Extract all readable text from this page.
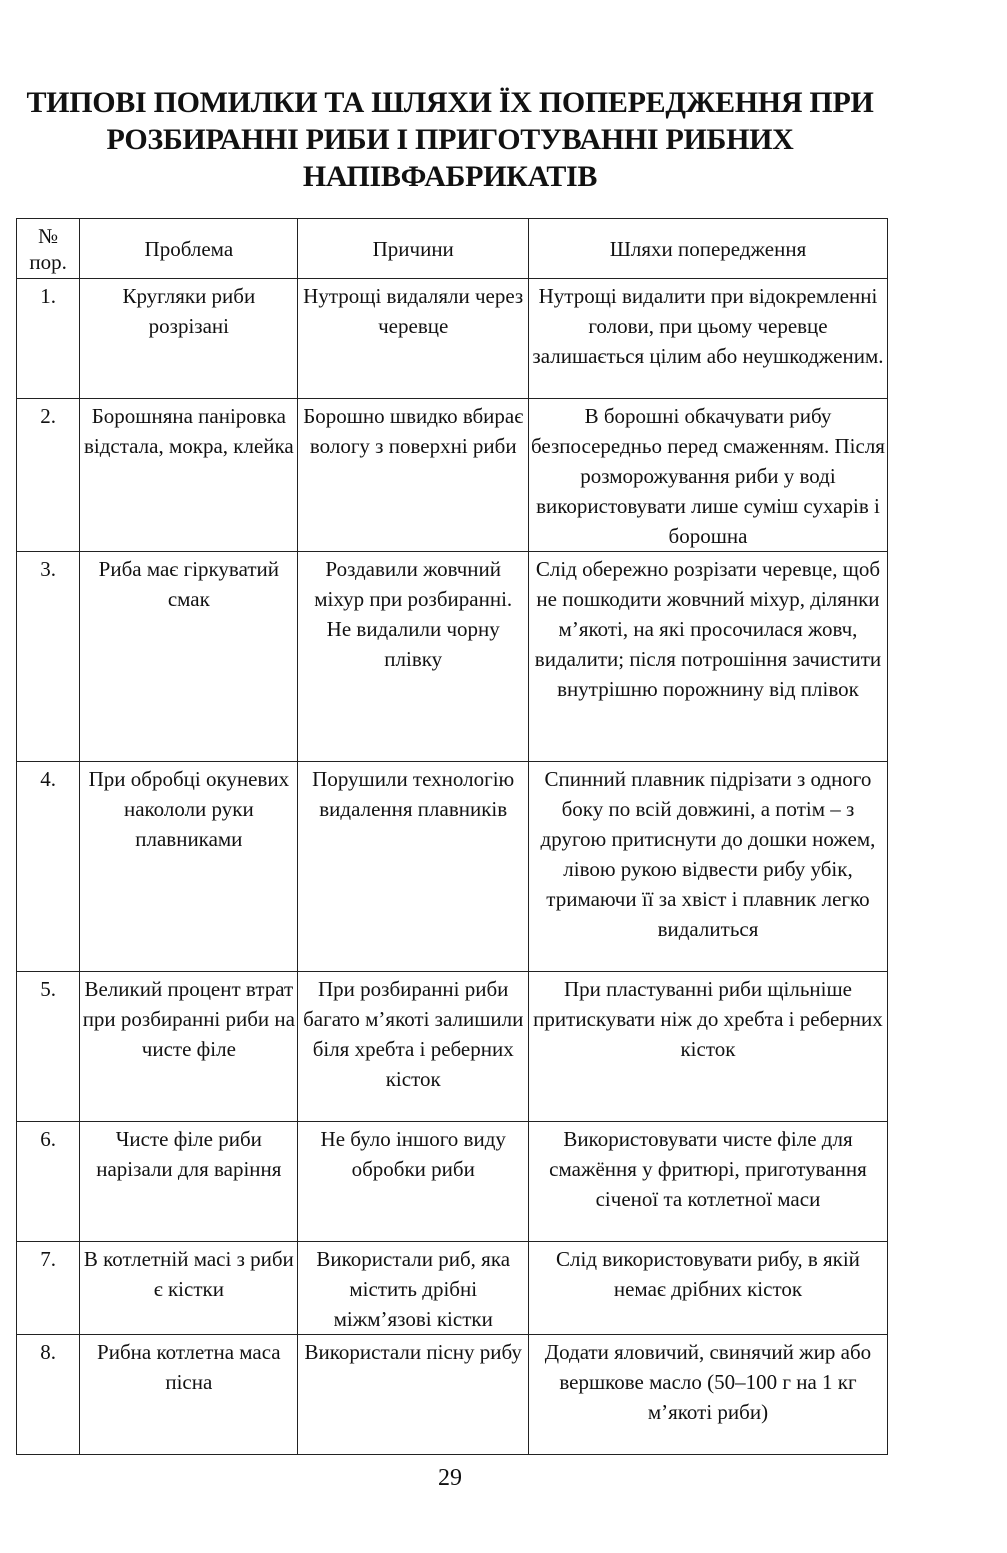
ТИПОВІ ПОМИЛКИ ТА ШЛЯХИ ЇХ ПОПЕРЕДЖЕННЯ ПРИ
РОЗБИРАННІ РИБИ І ПРИГОТУВАННІ РИБНИХ
НАПІВФАБРИКАТІВ
№ пор.	Проблема	Причини	Шляхи попередження
1.	Кругляки риби розрізані	Нутрощі видаляли через черевце	Нутрощі видалити при відокремленні голови, при цьому черевце залишається цілим або неушкодженим.
2.	Борошняна паніровка відстала, мокра, клейка	Борошно швидко вбирає вологу з поверхні риби	В борошні обкачувати рибу безпосередньо перед смаженням. Після розморожування риби у воді використовувати лише суміш сухарів і борошна
3.	Риба має гіркуватий смак	Роздавили жовчний міхур при розбиранні. Не видалили чорну плівку	Слід обережно розрізати черевце, щоб не пошкодити жовчний міхур, ділянки м’якоті, на які просочилася жовч, видалити; після потрошіння зачистити внутрішню порожнину від плівок
4.	При обробці окуневих накололи руки плавниками	Порушили технологію видалення плавників	Спинний плавник підрізати з одного боку по всій довжині, а потім – з другою притиснути до дошки ножем, лівою рукою відвести рибу убік, тримаючи її за хвіст і плавник легко видалиться
5.	Великий процент втрат при розбиранні риби на чисте філе	При розбиранні риби багато м’якоті залишили біля хребта і реберних кісток	При пластуванні риби щільніше притискувати ніж до хребта і реберних кісток
6.	Чисте філе риби нарізали для варіння	Не було іншого виду обробки риби	Використовувати чисте філе для смажёння у фритюрі, приготування січеної та котлетної маси
7.	В котлетній масі з риби є кістки	Використали риб, яка містить дрібні міжм’язові кістки	Слід використовувати рибу, в якій немає дрібних кісток
8.	Рибна котлетна маса пісна	Використали пісну рибу	Додати яловичий, свинячий жир або вершкове масло (50–100 г на 1 кг м’якоті риби)
29
